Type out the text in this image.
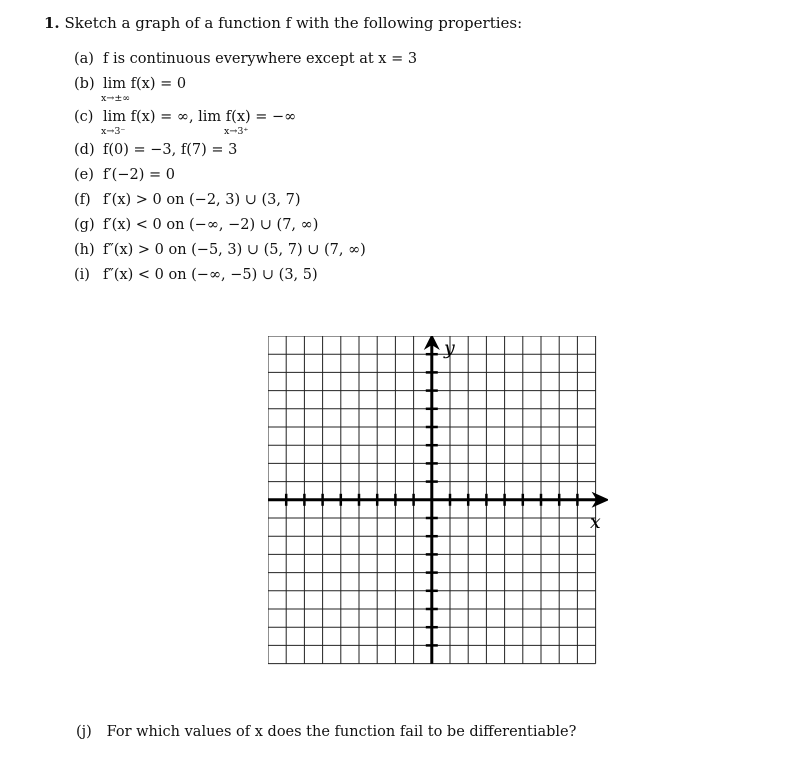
1. Sketch a graph of a function f with the following properties:
(a) f is continuous everywhere except at x = 3
(b) lim f(x) = 0
x→±∞
(c) lim f(x) = ∞, lim f(x) = −∞
x→3⁻	x→3⁺
(d) f(0) = −3, f(7) = 3
(e) f′(−2) = 0
(f) f′(x) > 0 on (−2, 3) ∪ (3, 7)
(g) f′(x) < 0 on (−∞, −2) ∪ (7, ∞)
(h) f″(x) > 0 on (−5, 3) ∪ (5, 7) ∪ (7, ∞)
(i) f″(x) < 0 on (−∞, −5) ∪ (3, 5)
y
x
(j) For which values of x does the function fail to be differentiable?
